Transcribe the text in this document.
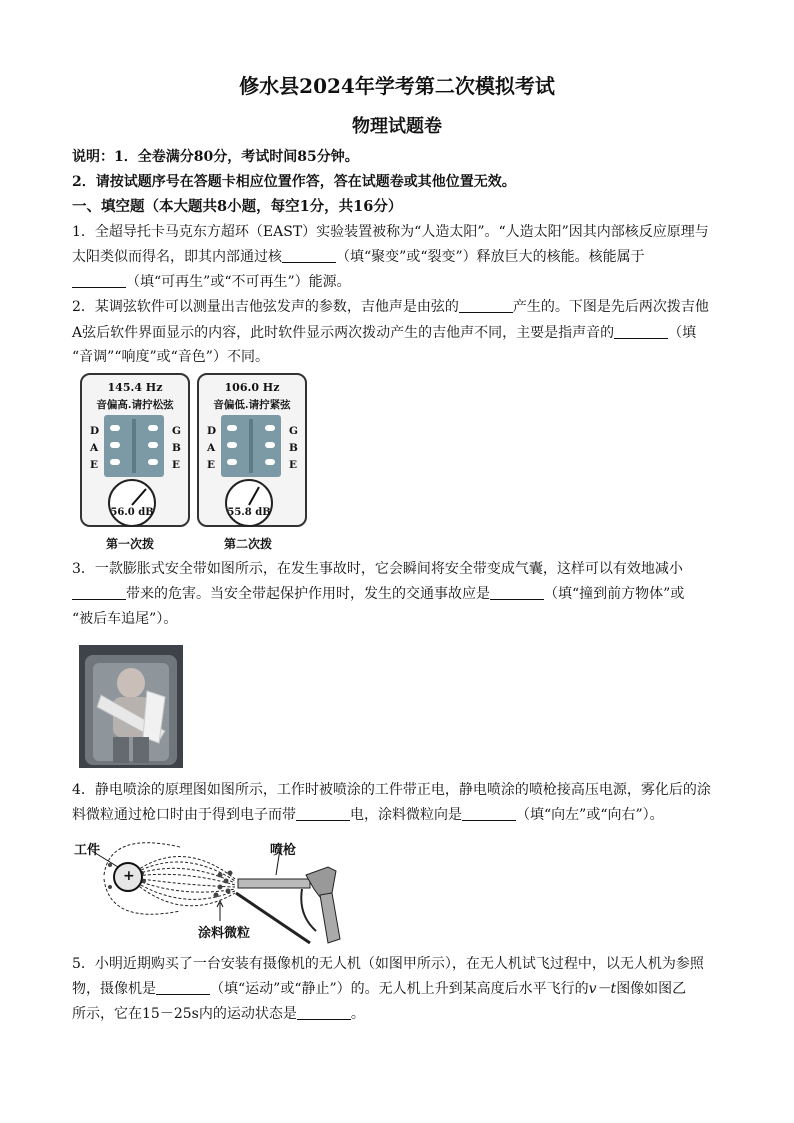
修水县2024年学考第二次模拟考试
物理试题卷
说明：1．全卷满分80分，考试时间85分钟。
2．请按试题序号在答题卡相应位置作答，答在试题卷或其他位置无效。
一、填空题（本大题共8小题，每空1分，共16分）
1．全超导托卡马克东方超环（EAST）实验装置被称为“人造太阳”。“人造太阳”因其内部核反应原理与
太阳类似而得名，即其内部通过核	（填“聚变”或“裂变”）释放巨大的核能。核能属于
（填“可再生”或“不可再生”）能源。
2．某调弦软件可以测量出吉他弦发声的参数，吉他声是由弦的	产生的。下图是先后两次拨吉他
A弦后软件界面显示的内容，此时软件显示两次拨动产生的吉他声不同，主要是指声音的	（填
“音调”“响度”或“音色”）不同。
145.4 Hz
音偏高.请拧松弦
D
A
E
G
B
E
56.0 dB
106.0 Hz
音偏低.请拧紧弦
D
A
E
G
B
E
55.8 dB
第一次拨	第二次拨
3．一款膨胀式安全带如图所示，在发生事故时，它会瞬间将安全带变成气囊，这样可以有效地减小
带来的危害。当安全带起保护作用时，发生的交通事故应是	（填“撞到前方物体”或
“被后车追尾”）。
4．静电喷涂的原理图如图所示，工作时被喷涂的工件带正电，静电喷涂的喷枪接高压电源，雾化后的涂
料微粒通过枪口时由于得到电子而带	电，涂料微粒向是	（填“向左”或“向右”）。
工件	喷枪
涂料微粒
+
5．小明近期购买了一台安装有摄像机的无人机（如图甲所示），在无人机试飞过程中，以无人机为参照
物，摄像机是	（填“运动”或“静止”）的。无人机上升到某高度后水平飞行的v－t图像如图乙
所示，它在15－25s内的运动状态是	。
